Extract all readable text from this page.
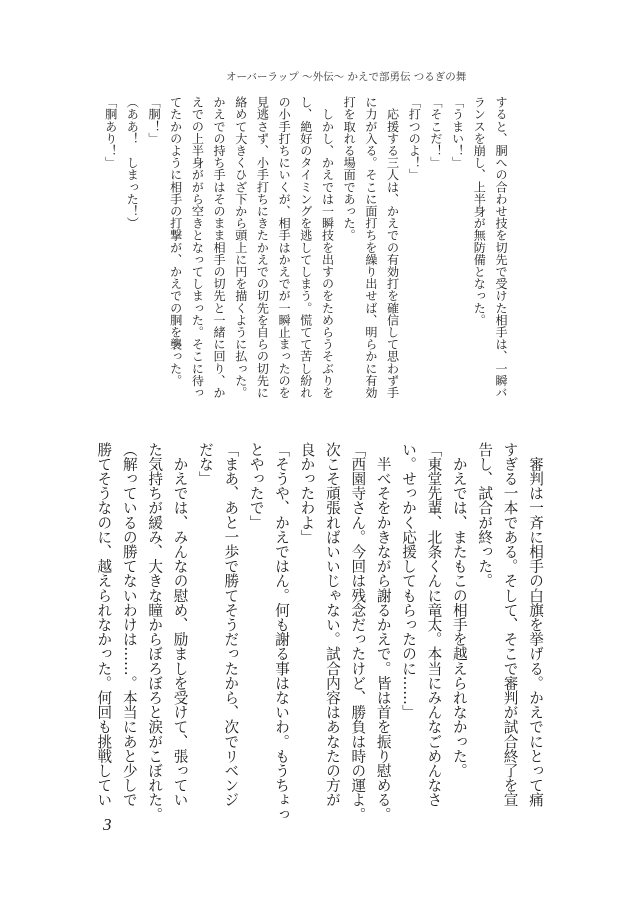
オーバーラップ ～外伝～ かえで部勇伝 つるぎの舞
すると、胴への合わせ技を切先で受けた相手は、一瞬バ
ランスを崩し、上半身が無防備となった。
「うまい！」
「そこだ！」
「打つのよ！」
　応援する三人は、かえでの有効打を確信して思わず手
に力が入る。そこに面打ちを繰り出せば、明らかに有効
打を取れる場面であった。
　しかし、かえでは一瞬技を出すのをためらうそぶりを
し、絶好のタイミングを逃してしまう。慌てて苦し紛れ
の小手打ちにいくが、相手はかえでが一瞬止まったのを
見逃さず、小手打ちにきたかえでの切先を自らの切先に
絡めて大きくひざ下から頭上に円を描くように払った。
かえでの持ち手はそのまま相手の切先と一緒に回り、か
えでの上半身ががら空きとなってしまった。そこに待っ
てたかのように相手の打撃が、かえでの胴を襲った。
「胴！」
（ああ！　しまった！）
「胴あり！」
　審判は一斉に相手の白旗を挙げる。かえでにとって痛
すぎる一本である。そして、そこで審判が試合終了を宣
告し、試合が終った。
　かえでは、またもこの相手を越えられなかった。
「東堂先輩、北条くんに竜太。本当にみんなごめんなさ
い。せっかく応援してもらったのに……」
　半べそをかきながら謝るかえで。皆は首を振り慰める。
「西園寺さん。今回は残念だったけど、勝負は時の運よ。
次こそ頑張ればいいじゃない。試合内容はあなたの方が
良かったわよ」
「そうや、かえではん。何も謝る事はないわ。もうちょっ
とやったで」
「まあ、あと一歩で勝てそうだったから、次でリベンジ
だな」
　かえでは、みんなの慰め、励ましを受けて、張ってい
た気持ちが緩み、大きな瞳からぼろぼろと涙がこぼれた。
（解っているの勝てないわけは……。本当にあと少しで
勝てそうなのに、越えられなかった。何回も挑戦してい
3
